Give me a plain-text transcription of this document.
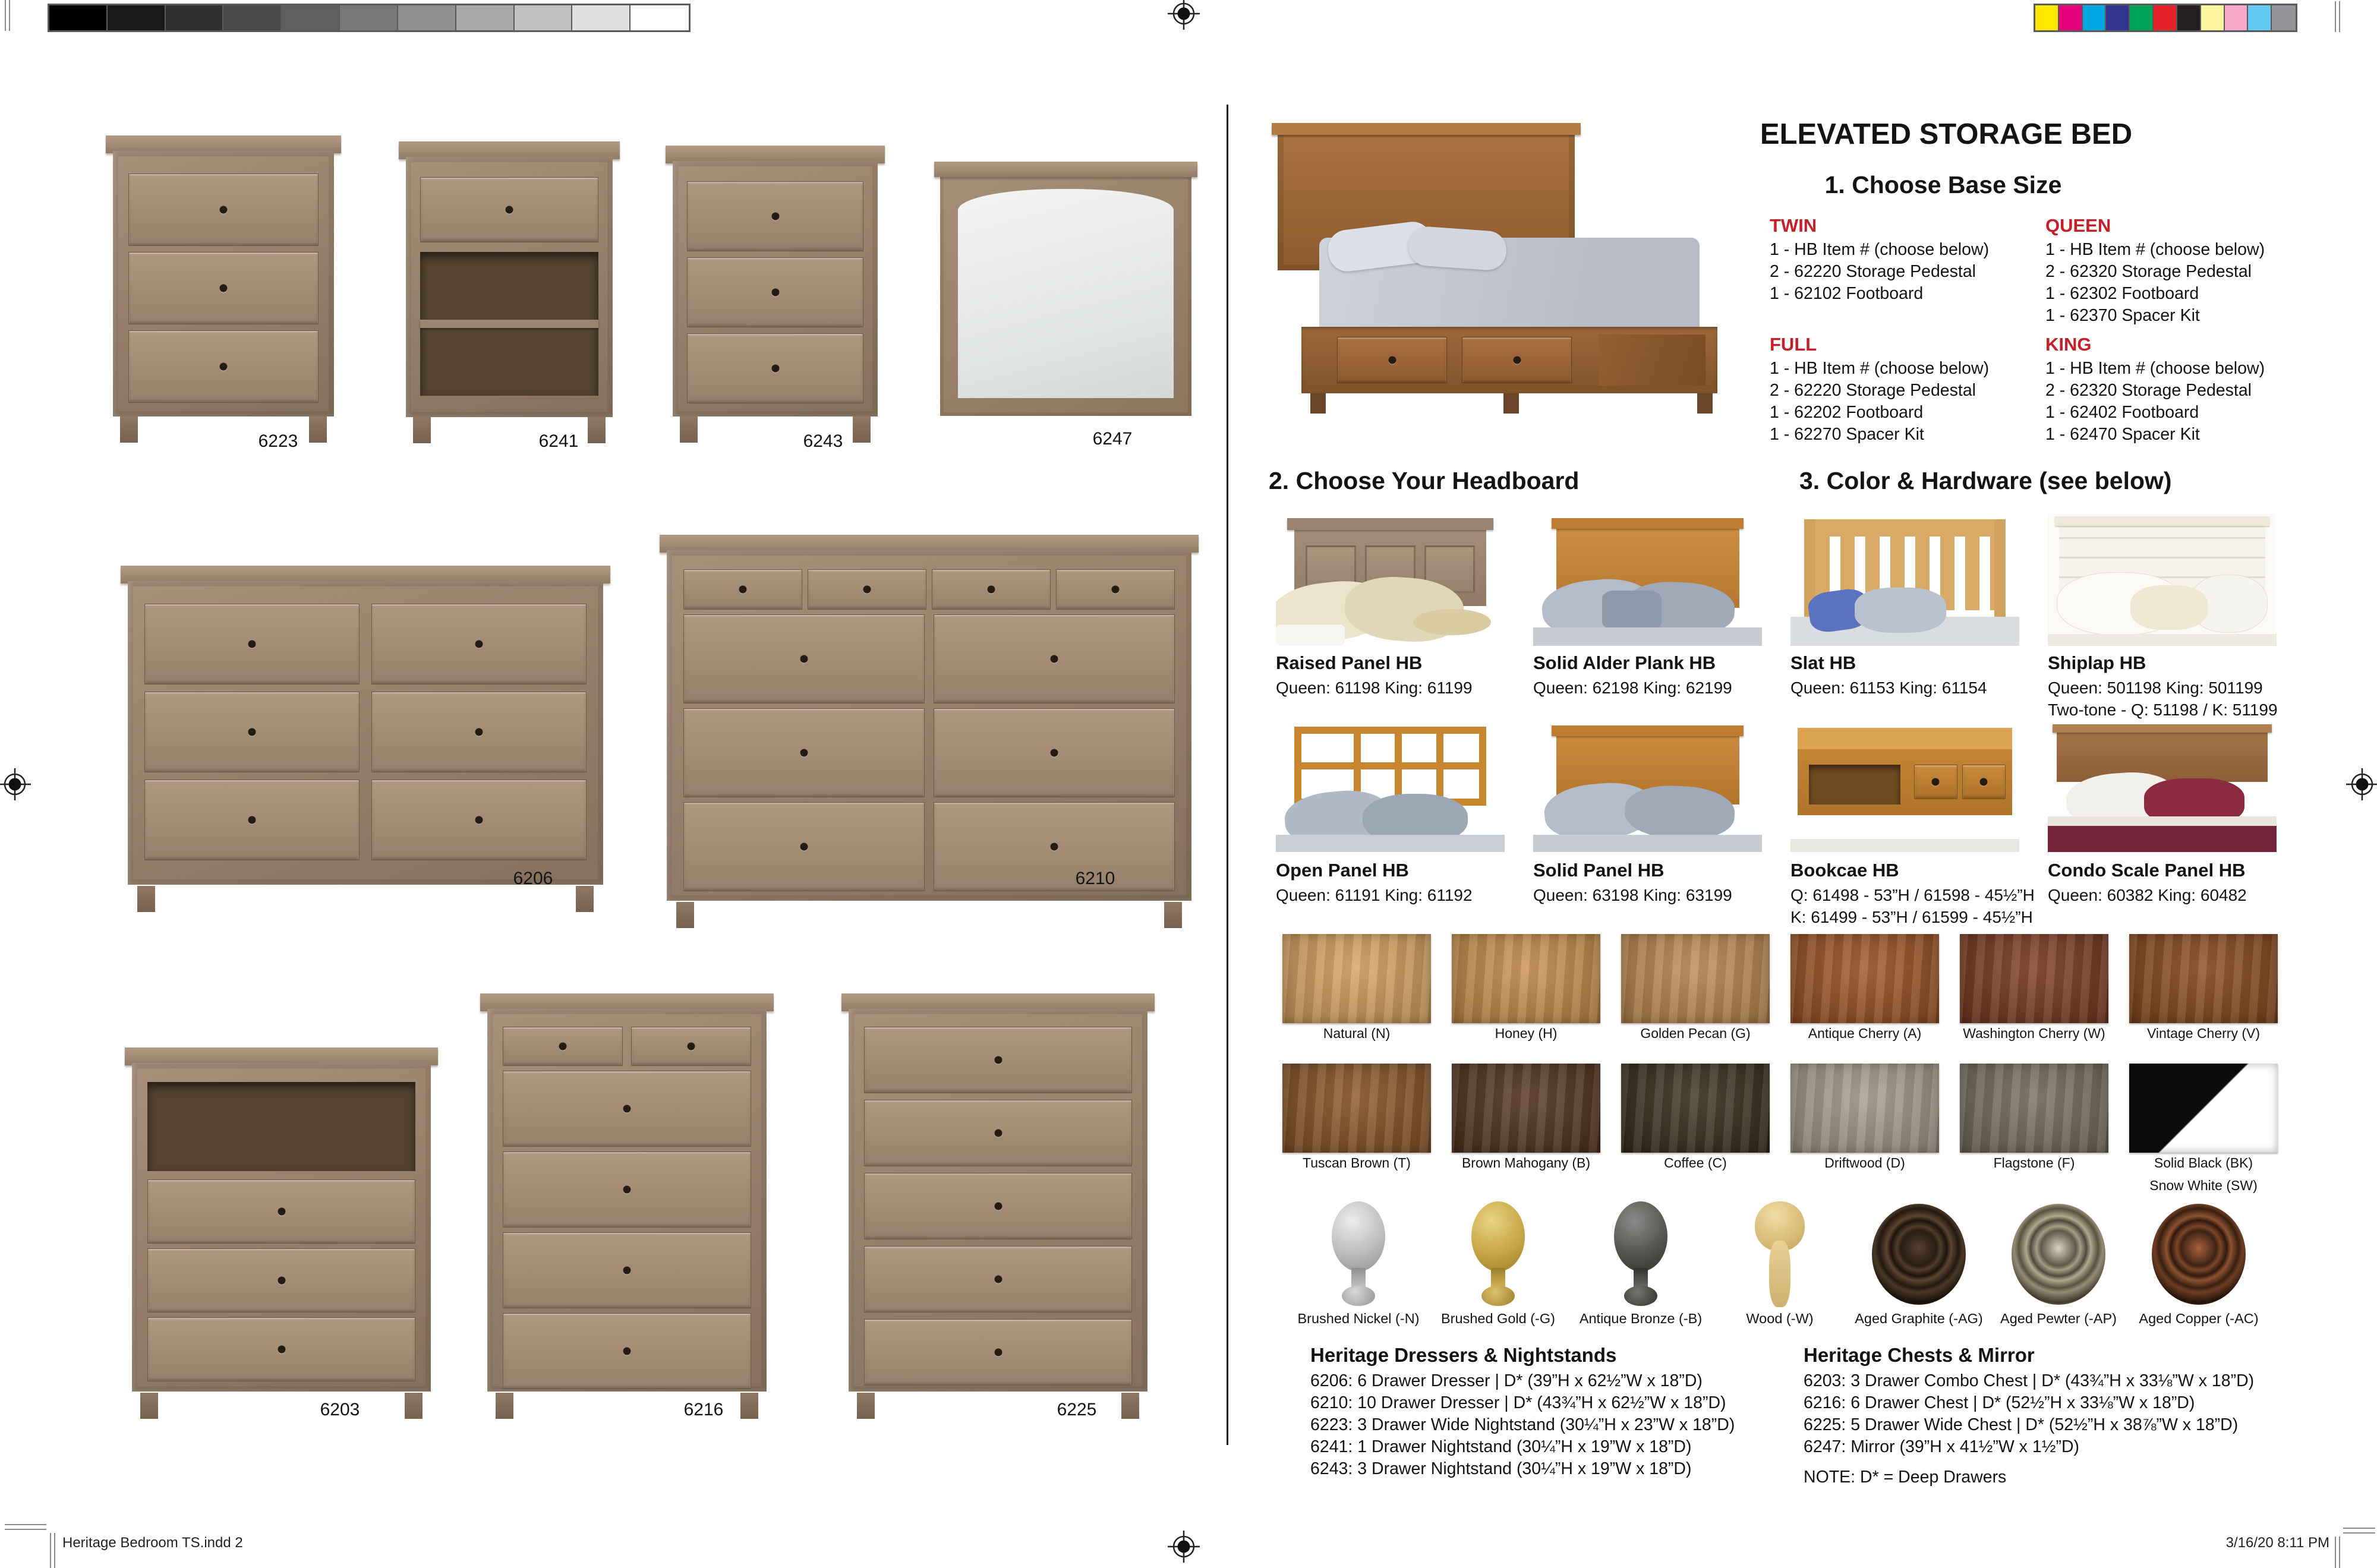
6223	6241	6243	6247
6206	6210
6203	6216	6225
ELEVATED STORAGE BED
1. Choose Base Size
TWIN
1 - HB Item # (choose below)
2 - 62220 Storage Pedestal
1 - 62102 Footboard
QUEEN
1 - HB Item # (choose below)
2 - 62320 Storage Pedestal
1 - 62302 Footboard
1 - 62370 Spacer Kit
FULL
1 - HB Item # (choose below)
2 - 62220 Storage Pedestal
1 - 62202 Footboard
1 - 62270 Spacer Kit
KING
1 - HB Item # (choose below)
2 - 62320 Storage Pedestal
1 - 62402 Footboard
1 - 62470 Spacer Kit
2. Choose Your Headboard	3. Color & Hardware (see below)
Raised Panel HB
Queen: 61198 King: 61199
Solid Alder Plank HB
Queen: 62198 King: 62199
Slat HB
Queen: 61153 King: 61154
Shiplap HB
Queen: 501198 King: 501199
Two-tone - Q: 51198 / K: 51199
Open Panel HB
Queen: 61191 King: 61192
Solid Panel HB
Queen: 63198 King: 63199
Bookcae HB
Q: 61498 - 53”H / 61598 - 45½”H
K: 61499 - 53”H / 61599 - 45½”H
Condo Scale Panel HB
Queen: 60382 King: 60482
Natural (N)	Honey (H)	Golden Pecan (G)	Antique Cherry (A)	Washington Cherry (W)	Vintage Cherry (V)
Tuscan Brown (T)	Brown Mahogany (B)	Coffee (C)	Driftwood (D)	Flagstone (F)	Solid Black (BK)
Snow White (SW)
Brushed Nickel (-N)	Brushed Gold (-G)	Antique Bronze (-B)	Wood (-W)	Aged Graphite (-AG)	Aged Pewter (-AP)	Aged Copper (-AC)
Heritage Dressers & Nightstands
6206: 6 Drawer Dresser | D* (39”H x 62½”W x 18”D)
6210: 10 Drawer Dresser | D* (43¾”H x 62½”W x 18”D)
6223: 3 Drawer Wide Nightstand (30¼”H x 23”W x 18”D)
6241: 1 Drawer Nightstand (30¼”H x 19”W x 18”D)
6243: 3 Drawer Nightstand (30¼”H x 19”W x 18”D)
Heritage Chests & Mirror
6203: 3 Drawer Combo Chest | D* (43¾”H x 33⅛”W x 18”D)
6216: 6 Drawer Chest | D* (52½”H x 33⅛”W x 18”D)
6225: 5 Drawer Wide Chest | D* (52½”H x 38⅞”W x 18”D)
6247: Mirror (39”H x 41½”W x 1½”D)
NOTE: D* = Deep Drawers
Heritage Bedroom TS.indd 2	3/16/20 8:11 PM
